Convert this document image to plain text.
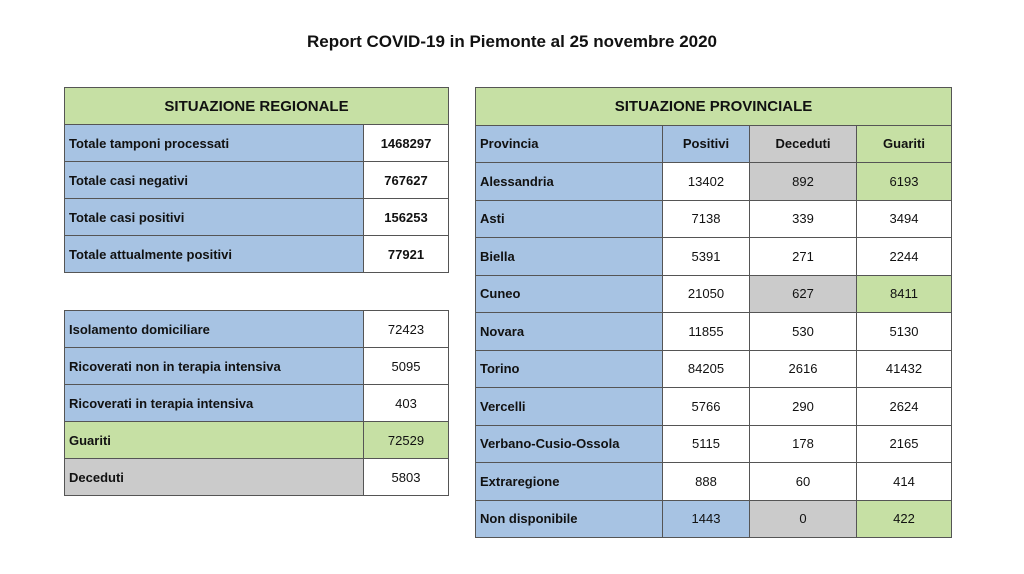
Report COVID-19 in Piemonte al 25 novembre 2020
SITUAZIONE REGIONALE	
Totale tamponi processati	1468297
Totale casi negativi	767627
Totale casi positivi	156253
Totale attualmente positivi	77921
Isolamento domiciliare	72423
Ricoverati non in terapia intensiva	5095
Ricoverati in terapia intensiva	403
Guariti	72529
Deceduti	5803
SITUAZIONE PROVINCIALE			
Provincia	Positivi	Deceduti	Guariti
Alessandria	13402	892	6193
Asti	7138	339	3494
Biella	5391	271	2244
Cuneo	21050	627	8411
Novara	11855	530	5130
Torino	84205	2616	41432
Vercelli	5766	290	2624
Verbano-Cusio-Ossola	5115	178	2165
Extraregione	888	60	414
Non disponibile	1443	0	422
